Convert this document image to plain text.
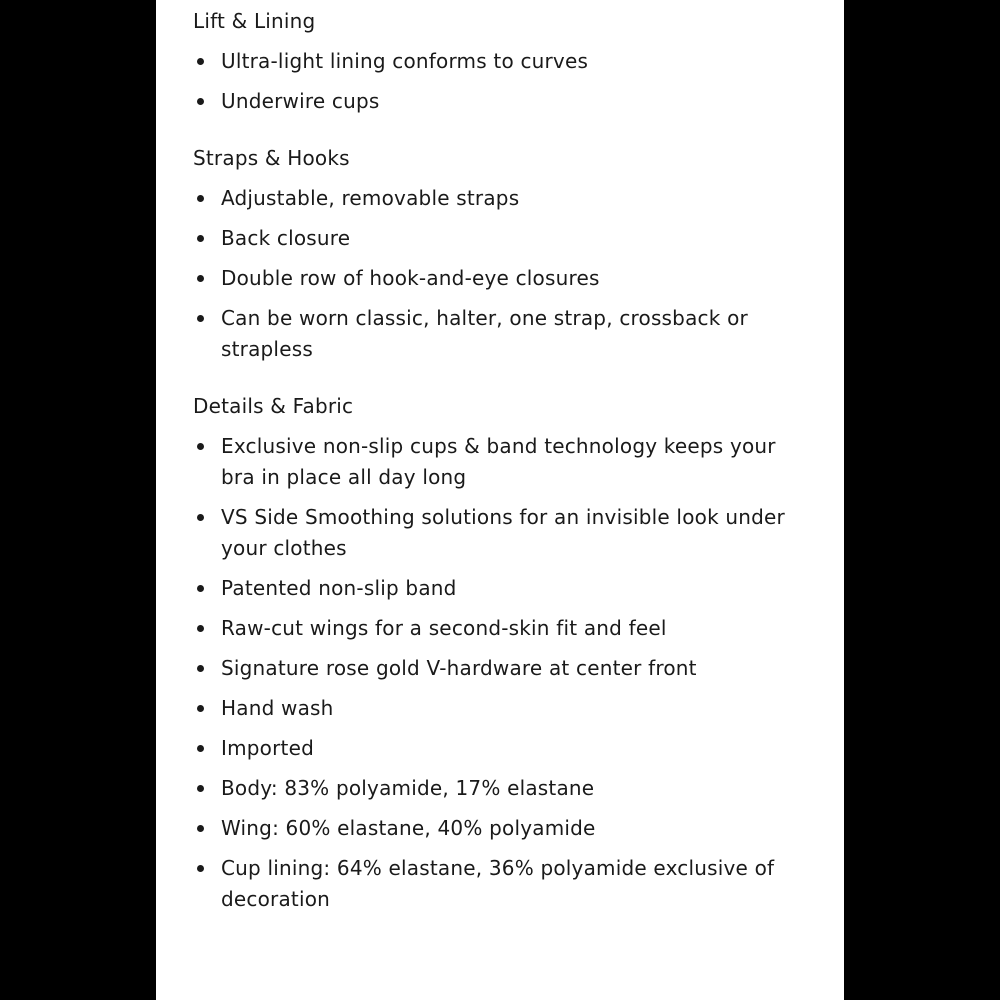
Lift & Lining
Ultra-light lining conforms to curves
Underwire cups
Straps & Hooks
Adjustable, removable straps
Back closure
Double row of hook-and-eye closures
Can be worn classic, halter, one strap, crossback or strapless
Details & Fabric
Exclusive non-slip cups & band technology keeps your bra in place all day long
VS Side Smoothing solutions for an invisible look under your clothes
Patented non-slip band
Raw-cut wings for a second-skin fit and feel
Signature rose gold V-hardware at center front
Hand wash
Imported
Body: 83% polyamide, 17% elastane
Wing: 60% elastane, 40% polyamide
Cup lining: 64% elastane, 36% polyamide exclusive of decoration
